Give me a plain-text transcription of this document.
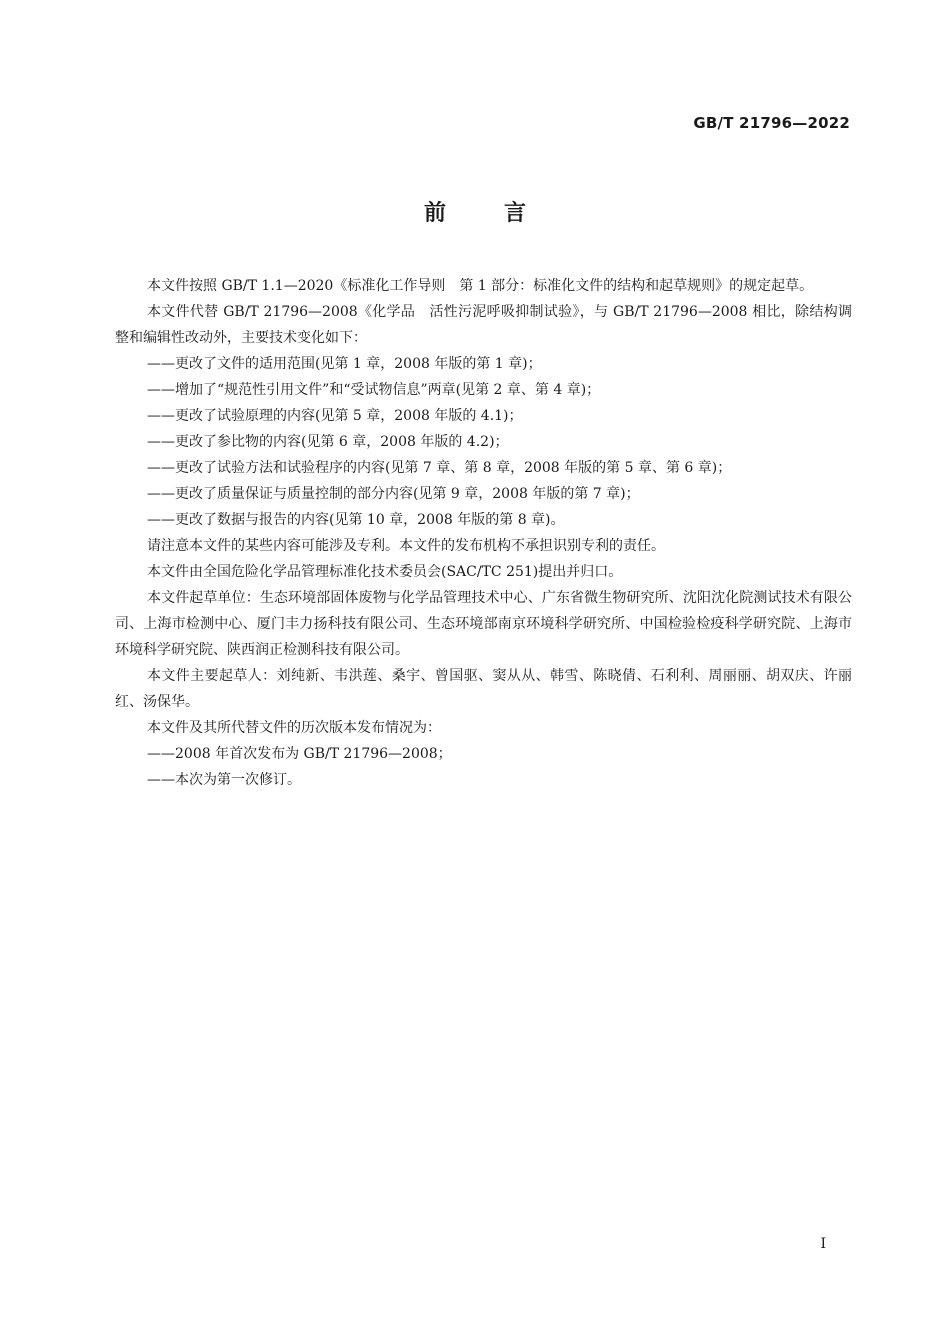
GB/T 21796—2022
前言

本文件按照 GB/T 1.1—2020《标准化工作导则　第 1 部分：标准化文件的结构和起草规则》的规定起草。

本文件代替 GB/T 21796—2008《化学品　活性污泥呼吸抑制试验》，与 GB/T 21796—2008 相比，除结构调整和编辑性改动外，主要技术变化如下：

——更改了文件的适用范围(见第 1 章，2008 年版的第 1 章)；

——增加了“规范性引用文件”和“受试物信息”两章(见第 2 章、第 4 章)；

——更改了试验原理的内容(见第 5 章，2008 年版的 4.1)；

——更改了参比物的内容(见第 6 章，2008 年版的 4.2)；

——更改了试验方法和试验程序的内容(见第 7 章、第 8 章，2008 年版的第 5 章、第 6 章)；

——更改了质量保证与质量控制的部分内容(见第 9 章，2008 年版的第 7 章)；

——更改了数据与报告的内容(见第 10 章，2008 年版的第 8 章)。

请注意本文件的某些内容可能涉及专利。本文件的发布机构不承担识别专利的责任。

本文件由全国危险化学品管理标准化技术委员会(SAC/TC 251)提出并归口。

本文件起草单位：生态环境部固体废物与化学品管理技术中心、广东省微生物研究所、沈阳沈化院测试技术有限公司、上海市检测中心、厦门丰力扬科技有限公司、生态环境部南京环境科学研究所、中国检验检疫科学研究院、上海市环境科学研究院、陕西润正检测科技有限公司。

本文件主要起草人：刘纯新、韦洪莲、桑宇、曾国驱、窦从从、韩雪、陈晓倩、石利利、周丽丽、胡双庆、许丽红、汤保华。

本文件及其所代替文件的历次版本发布情况为：

——2008 年首次发布为 GB/T 21796—2008；

——本次为第一次修订。

I
